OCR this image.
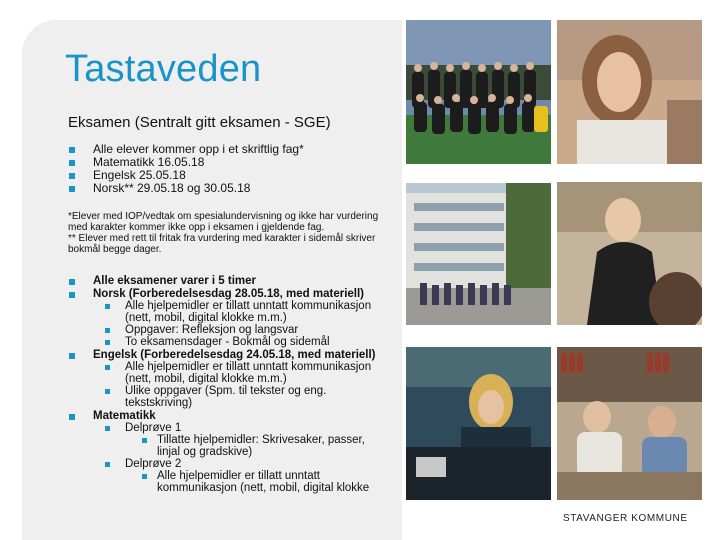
Tastaveden
Eksamen (Sentralt gitt eksamen - SGE)
Alle elever kommer opp i et skriftlig fag*
Matematikk 16.05.18
Engelsk 25.05.18
Norsk** 29.05.18 og 30.05.18
*Elever med IOP/vedtak om spesialundervisning og ikke har vurdering med karakter kommer ikke opp i eksamen i gjeldende fag.
** Elever med rett til fritak fra vurdering med karakter i sidemål skriver bokmål begge dager.
Alle eksamener varer i 5 timer
Norsk (Forberedelsesdag 28.05.18, med materiell)
Alle hjelpemidler er tillatt unntatt kommunikasjon (nett, mobil, digital klokke m.m.)
Oppgaver: Refleksjon og langsvar
To eksamensdager - Bokmål og sidemål
Engelsk (Forberedelsesdag 24.05.18, med materiell)
Alle hjelpemidler er tillatt unntatt kommunikasjon (nett, mobil, digital klokke m.m.)
Ulike oppgaver (Spm. til tekster og eng. tekstskriving)
Matematikk
Delprøve 1
Tillatte hjelpemidler: Skrivesaker, passer, linjal og gradskive)
Delprøve 2
Alle hjelpemidler er tillatt unntatt kommunikasjon (nett, mobil, digital klokke
STAVANGER KOMMUNE
